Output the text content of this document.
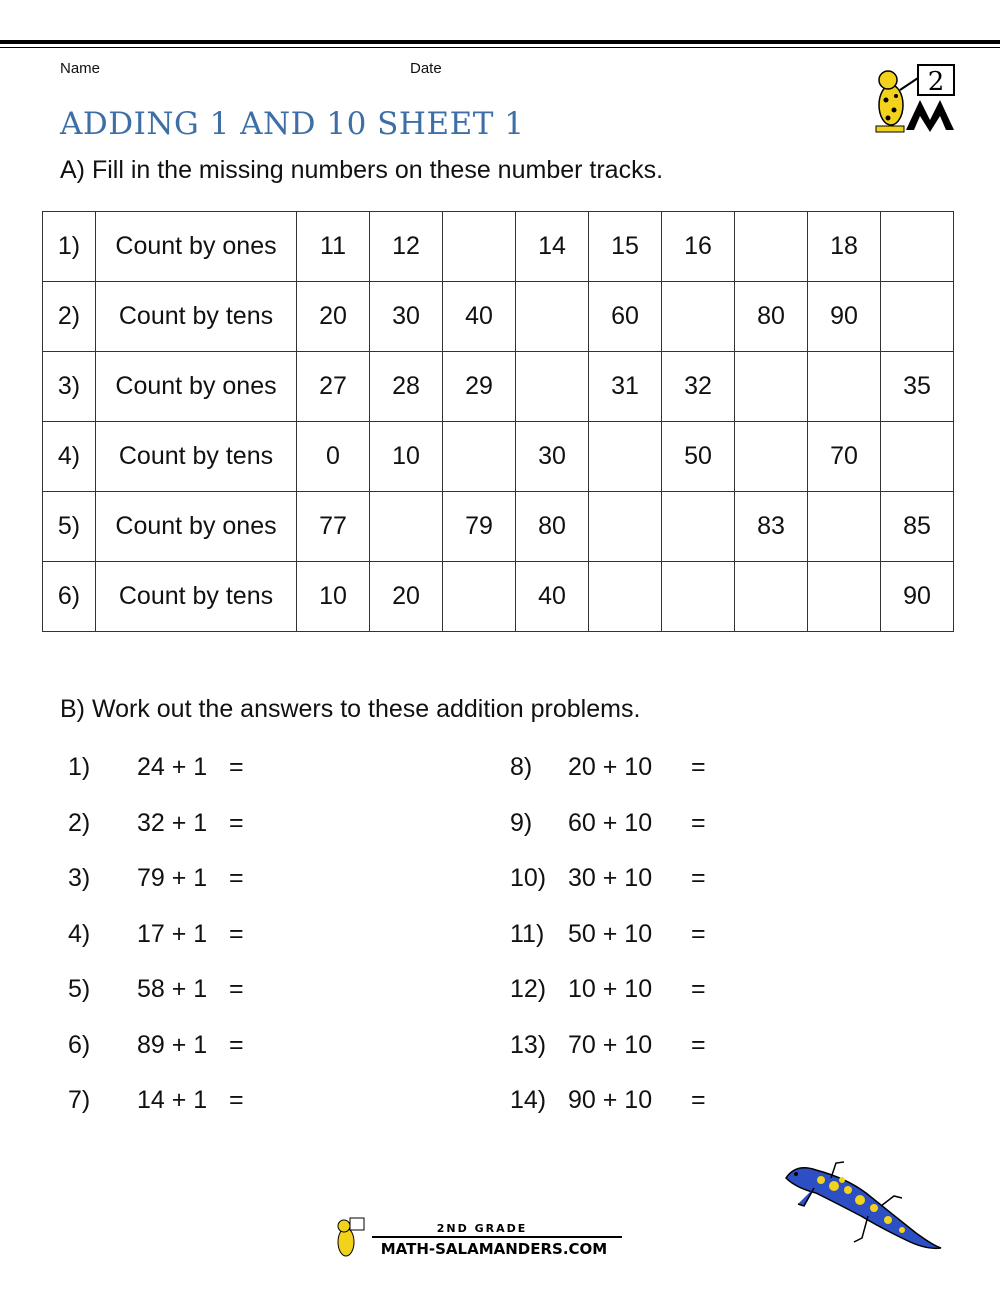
Name	Date	2
ADDING 1 AND 10 SHEET 1
A) Fill in the missing numbers on these number tracks.
1)	Count by ones	11	12		14	15	16		18	
2)	Count by tens	20	30	40		60		80	90	
3)	Count by ones	27	28	29		31	32			35
4)	Count by tens	0	10		30		50		70	
5)	Count by ones	77		79	80			83		85
6)	Count by tens	10	20		40					90
B) Work out the answers to these addition problems.
1) 24 + 1 =
2) 32 + 1 =
3) 79 + 1 =
4) 17 + 1 =
5) 58 + 1 =
6) 89 + 1 =
7) 14 + 1 =
8) 20 + 10 =
9) 60 + 10 =
10) 30 + 10 =
11) 50 + 10 =
12) 10 + 10 =
13) 70 + 10 =
14) 90 + 10 =
2ND GRADE
MATH-SALAMANDERS.COM
